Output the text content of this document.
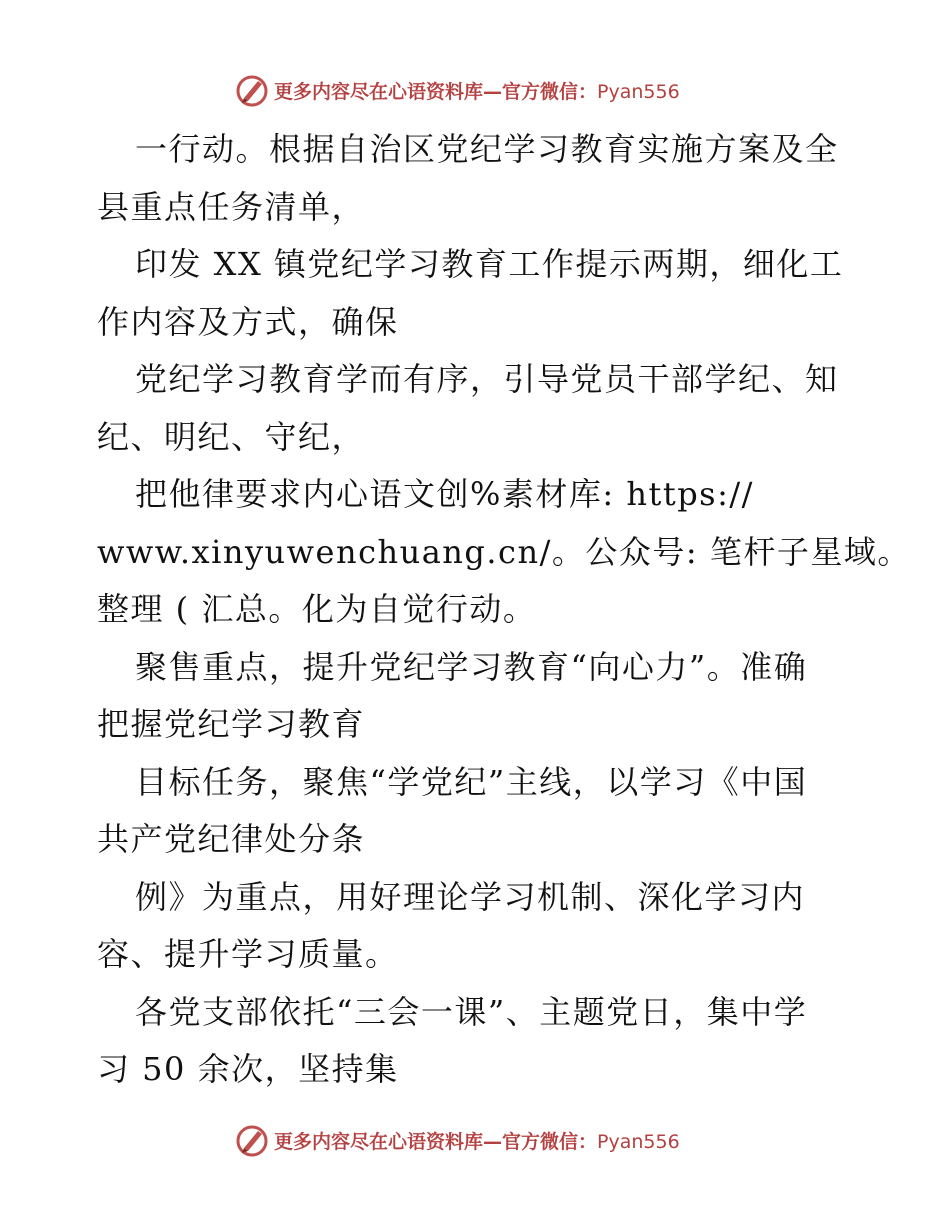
更多内容尽在心语资料库—官方微信：Pyan556
一行动。根据自治区党纪学习教育实施方案及全
县重点任务清单，
印发 XX 镇党纪学习教育工作提示两期，细化工
作内容及方式，确保
党纪学习教育学而有序，引导党员干部学纪、知
纪、明纪、守纪，
把他律要求内心语文创%素材库: https://
www.xinyuwenchuang.cn/。公众号: 笔杆子星域。
整理 ( 汇总。化为自觉行动。
聚售重点，提升党纪学习教育“向心力”。准确
把握党纪学习教育
目标任务，聚焦“学党纪”主线，以学习《中国
共产党纪律处分条
例》为重点，用好理论学习机制、深化学习内
容、提升学习质量。
各党支部依托“三会一课”、主题党日，集中学
习 50 余次，坚持集
更多内容尽在心语资料库—官方微信：Pyan556
